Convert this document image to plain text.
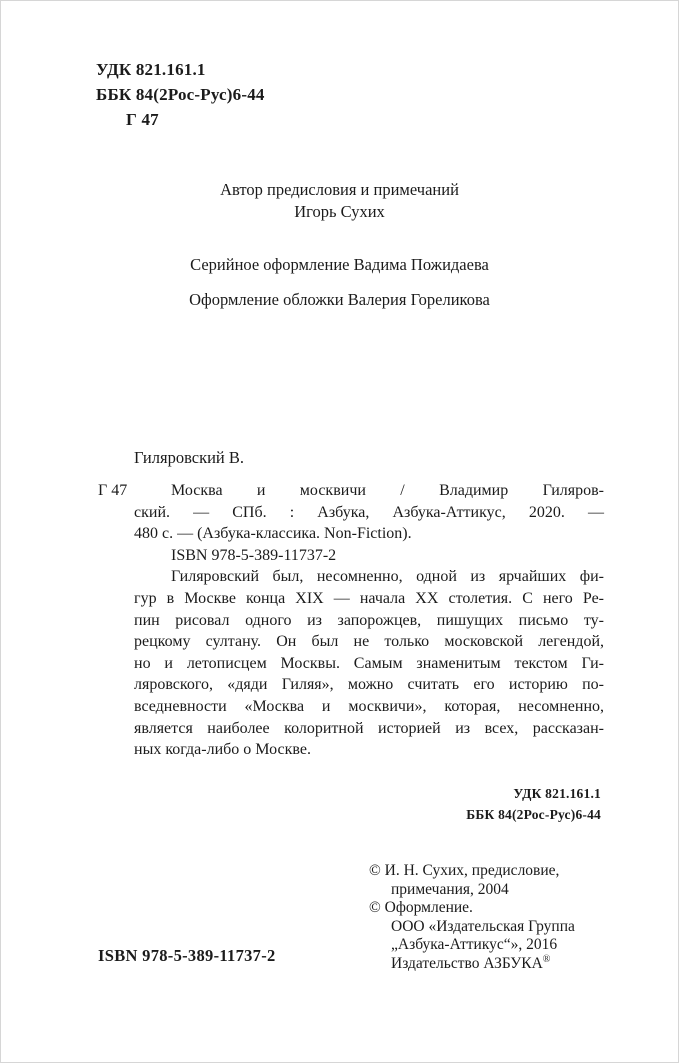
УДК 821.161.1
ББК 84(2Рос-Рус)6-44
Г 47
Автор предисловия и примечаний
Игорь Сухих
Серийное оформление Вадима Пожидаева
Оформление обложки Валерия Гореликова
Гиляровский В.
Г 47	Москва и москвичи / Владимир Гиляров-
ский. — СПб. : Азбука, Азбука-Аттикус, 2020. —
480 с. — (Азбука-классика. Non-Fiction).
ISBN 978-5-389-11737-2
Гиляровский был, несомненно, одной из ярчайших фи-
гур в Москве конца XIX — начала XX столетия. С него Ре-
пин рисовал одного из запорожцев, пишущих письмо ту-
рецкому султану. Он был не только московской легендой,
но и летописцем Москвы. Самым знаменитым текстом Ги-
ляровского, «дяди Гиляя», можно считать его историю по-
вседневности «Москва и москвичи», которая, несомненно,
является наиболее колоритной историей из всех, рассказан-
ных когда-либо о Москве.
УДК 821.161.1
ББК 84(2Рос-Рус)6-44
© И. Н. Сухих, предисловие,
примечания, 2004
© Оформление.
ООО «Издательская Группа
„Азбука-Аттикус“», 2016
Издательство АЗБУКА®
ISBN 978-5-389-11737-2
